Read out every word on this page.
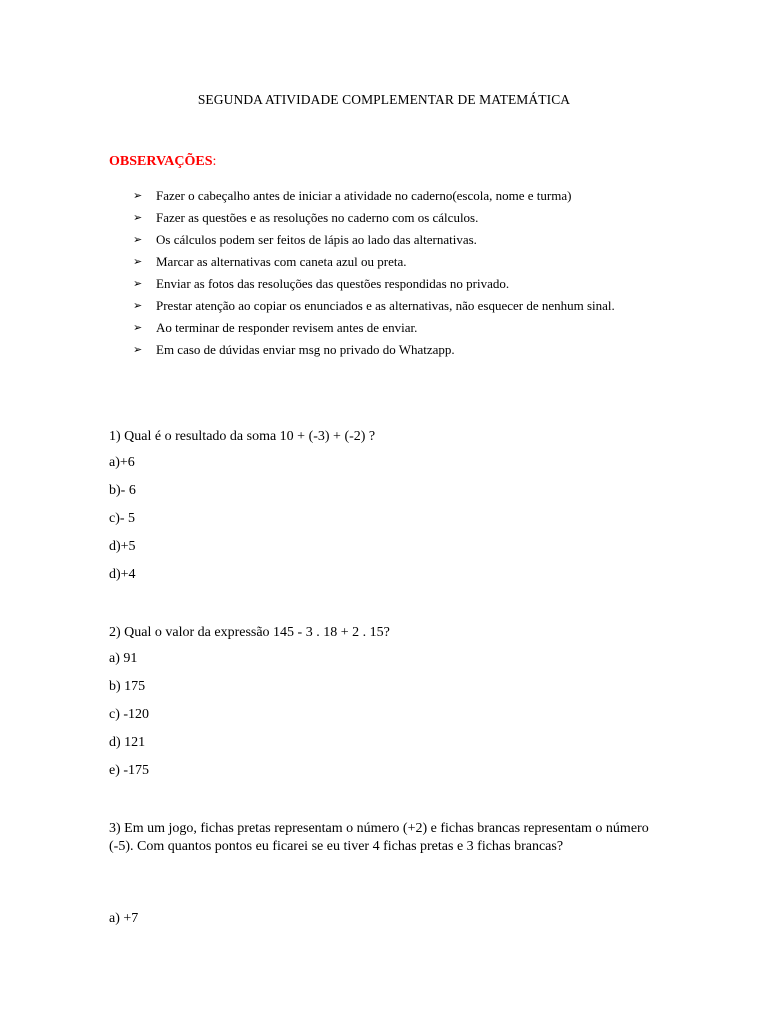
SEGUNDA ATIVIDADE COMPLEMENTAR DE MATEMÁTICA
OBSERVAÇÕES:
➢	Fazer o cabeçalho antes de iniciar a atividade no caderno(escola, nome e turma)
➢	Fazer as questões e as resoluções no caderno com os cálculos.
➢	Os cálculos podem ser feitos de lápis ao lado das alternativas.
➢	Marcar as alternativas com caneta azul ou preta.
➢	Enviar as fotos das resoluções das questões respondidas no privado.
➢	Prestar atenção ao copiar os enunciados e as alternativas, não esquecer de nenhum sinal.
➢	Ao terminar de responder revisem antes de enviar.
➢	Em caso de dúvidas enviar msg no privado do Whatzapp.
1) Qual é o resultado da soma 10 + (-3) + (-2) ?
a)+6
b)- 6
c)- 5
d)+5
d)+4
2) Qual o valor da expressão 145 - 3 . 18 + 2 . 15?
a) 91
b) 175
c) -120
d) 121
e) -175
3) Em um jogo, fichas pretas representam o número (+2) e fichas brancas representam o número (-5). Com quantos pontos eu ficarei se eu tiver 4 fichas pretas e 3 fichas brancas?
a) +7
